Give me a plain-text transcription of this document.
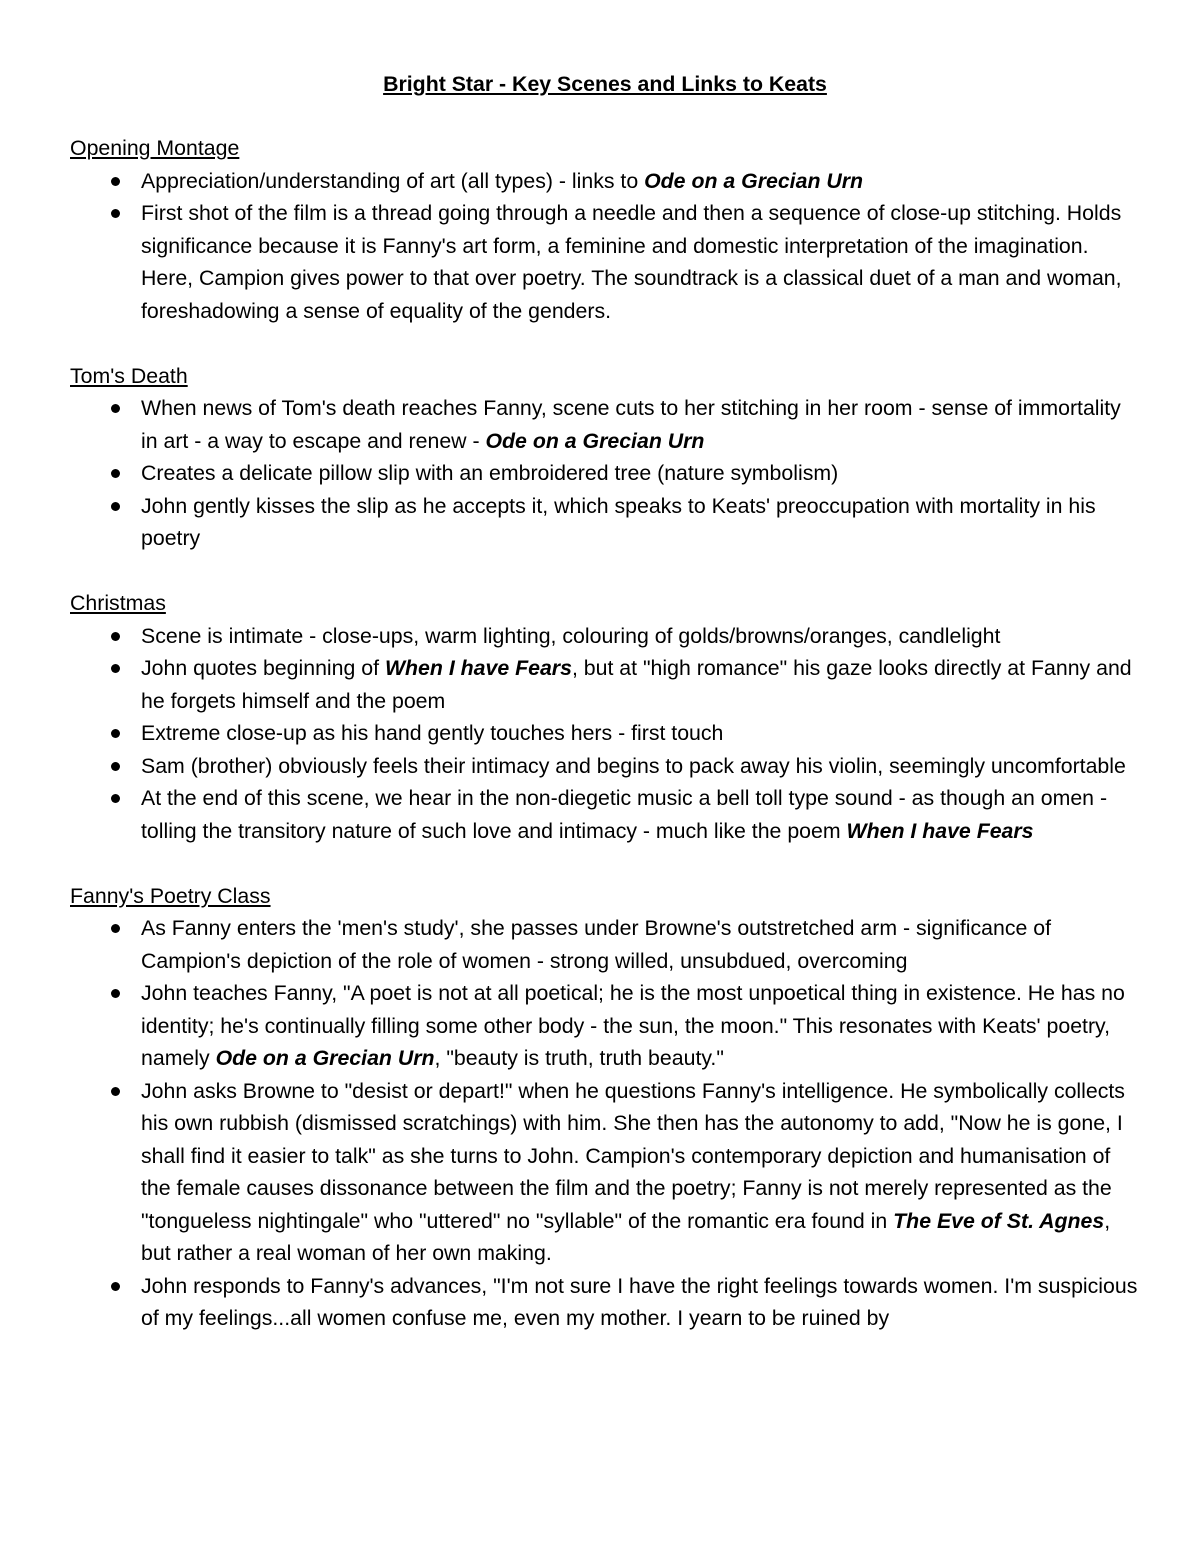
Bright Star - Key Scenes and Links to Keats
Opening Montage
Appreciation/understanding of art (all types) - links to Ode on a Grecian Urn
First shot of the film is a thread going through a needle and then a sequence of close-up stitching. Holds significance because it is Fanny's art form, a feminine and domestic interpretation of the imagination. Here, Campion gives power to that over poetry. The soundtrack is a classical duet of a man and woman, foreshadowing a sense of equality of the genders.
Tom's Death
When news of Tom's death reaches Fanny, scene cuts to her stitching in her room - sense of immortality in art - a way to escape and renew - Ode on a Grecian Urn
Creates a delicate pillow slip with an embroidered tree (nature symbolism)
John gently kisses the slip as he accepts it, which speaks to Keats' preoccupation with mortality in his poetry
Christmas
Scene is intimate - close-ups, warm lighting, colouring of golds/browns/oranges, candlelight
John quotes beginning of When I have Fears, but at "high romance" his gaze looks directly at Fanny and he forgets himself and the poem
Extreme close-up as his hand gently touches hers - first touch
Sam (brother) obviously feels their intimacy and begins to pack away his violin, seemingly uncomfortable
At the end of this scene, we hear in the non-diegetic music a bell toll type sound - as though an omen - tolling the transitory nature of such love and intimacy - much like the poem When I have Fears
Fanny's Poetry Class
As Fanny enters the 'men's study', she passes under Browne's outstretched arm - significance of Campion's depiction of the role of women - strong willed, unsubdued, overcoming
John teaches Fanny, "A poet is not at all poetical; he is the most unpoetical thing in existence. He has no identity; he's continually filling some other body - the sun, the moon." This resonates with Keats' poetry, namely Ode on a Grecian Urn, "beauty is truth, truth beauty."
John asks Browne to "desist or depart!" when he questions Fanny's intelligence. He symbolically collects his own rubbish (dismissed scratchings) with him. She then has the autonomy to add, "Now he is gone, I shall find it easier to talk" as she turns to John. Campion's contemporary depiction and humanisation of the female causes dissonance between the film and the poetry; Fanny is not merely represented as the "tongueless nightingale" who "uttered" no "syllable" of the romantic era found in The Eve of St. Agnes, but rather a real woman of her own making.
John responds to Fanny's advances, "I'm not sure I have the right feelings towards women. I'm suspicious of my feelings...all women confuse me, even my mother. I yearn to be ruined by
